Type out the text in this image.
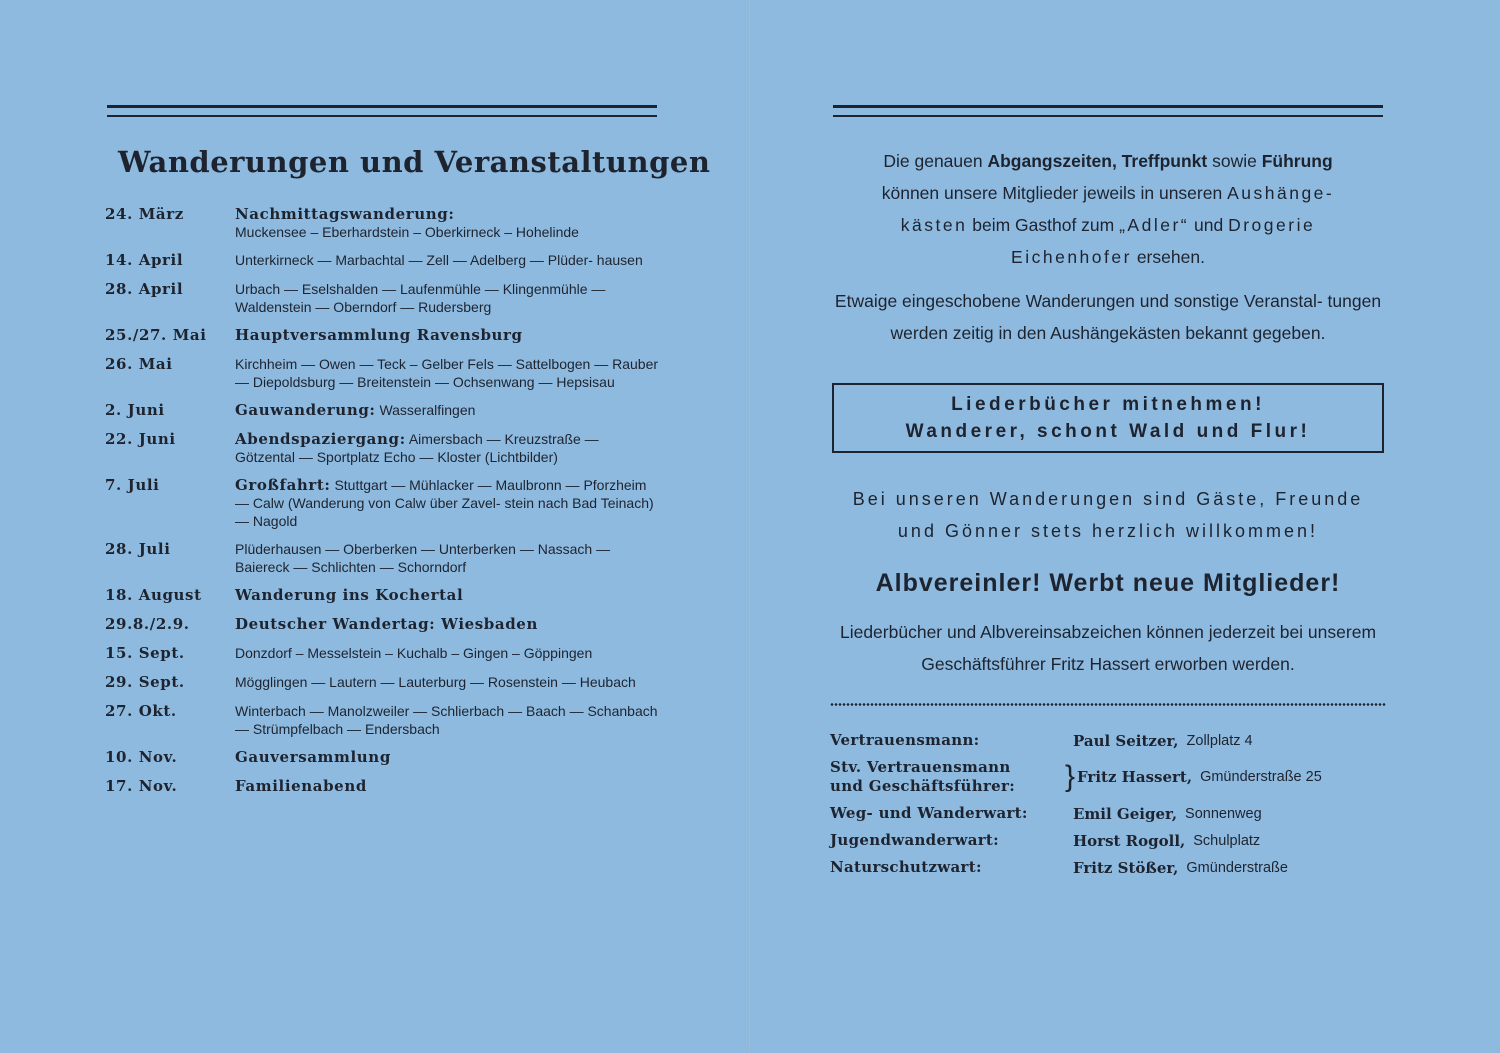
Wanderungen und Veranstaltungen
24. März	Nachmittagswanderung:
Muckensee – Eberhardstein – Oberkirneck – Hohelinde
14. April	Unterkirneck — Marbachtal — Zell — Adelberg — Plüder- hausen
28. April	Urbach — Eselshalden — Laufenmühle — Klingenmühle — Waldenstein — Oberndorf — Rudersberg
25./27. Mai	Hauptversammlung Ravensburg
26. Mai	Kirchheim — Owen — Teck – Gelber Fels — Sattelbogen — Rauber — Diepoldsburg — Breitenstein — Ochsenwang — Hepsisau
2. Juni	Gauwanderung: Wasseralfingen
22. Juni	Abendspaziergang: Aimersbach — Kreuzstraße — Götzental — Sportplatz Echo — Kloster (Lichtbilder)
7. Juli	Großfahrt: Stuttgart — Mühlacker — Maulbronn — Pforzheim — Calw (Wanderung von Calw über Zavel- stein nach Bad Teinach) — Nagold
28. Juli	Plüderhausen — Oberberken — Unterberken — Nassach — Baiereck — Schlichten — Schorndorf
18. August	Wanderung ins Kochertal
29.8./2.9.	Deutscher Wandertag: Wiesbaden
15. Sept.	Donzdorf – Messelstein – Kuchalb – Gingen – Göppingen
29. Sept.	Mögglingen — Lautern — Lauterburg — Rosenstein — Heubach
27. Okt.	Winterbach — Manolzweiler — Schlierbach — Baach — Schanbach — Strümpfelbach — Endersbach
10. Nov.	Gauversammlung
17. Nov.	Familienabend
Die genauen Abgangszeiten, Treffpunkt sowie Führung
können unsere Mitglieder jeweils in unseren Aushänge-
kästen beim Gasthof zum „Adler“ und Drogerie
Eichenhofer ersehen.
Etwaige eingeschobene Wanderungen und sonstige Veranstal- tungen werden zeitig in den Aushängekästen bekannt gegeben.
Liederbücher mitnehmen!
Wanderer, schont Wald und Flur!
Bei unseren Wanderungen sind Gäste, Freunde
und Gönner stets herzlich willkommen!
Albvereinler! Werbt neue Mitglieder!
Liederbücher und Albvereinsabzeichen können jederzeit bei unserem Geschäftsführer Fritz Hassert erworben werden.
Vertrauensmann:	Paul Seitzer, Zollplatz 4
Stv. Vertrauensmann
und Geschäftsführer:	} Fritz Hassert, Gmünderstraße 25
Weg- und Wanderwart:	Emil Geiger, Sonnenweg
Jugendwanderwart:	Horst Rogoll, Schulplatz
Naturschutzwart:	Fritz Stößer, Gmünderstraße
